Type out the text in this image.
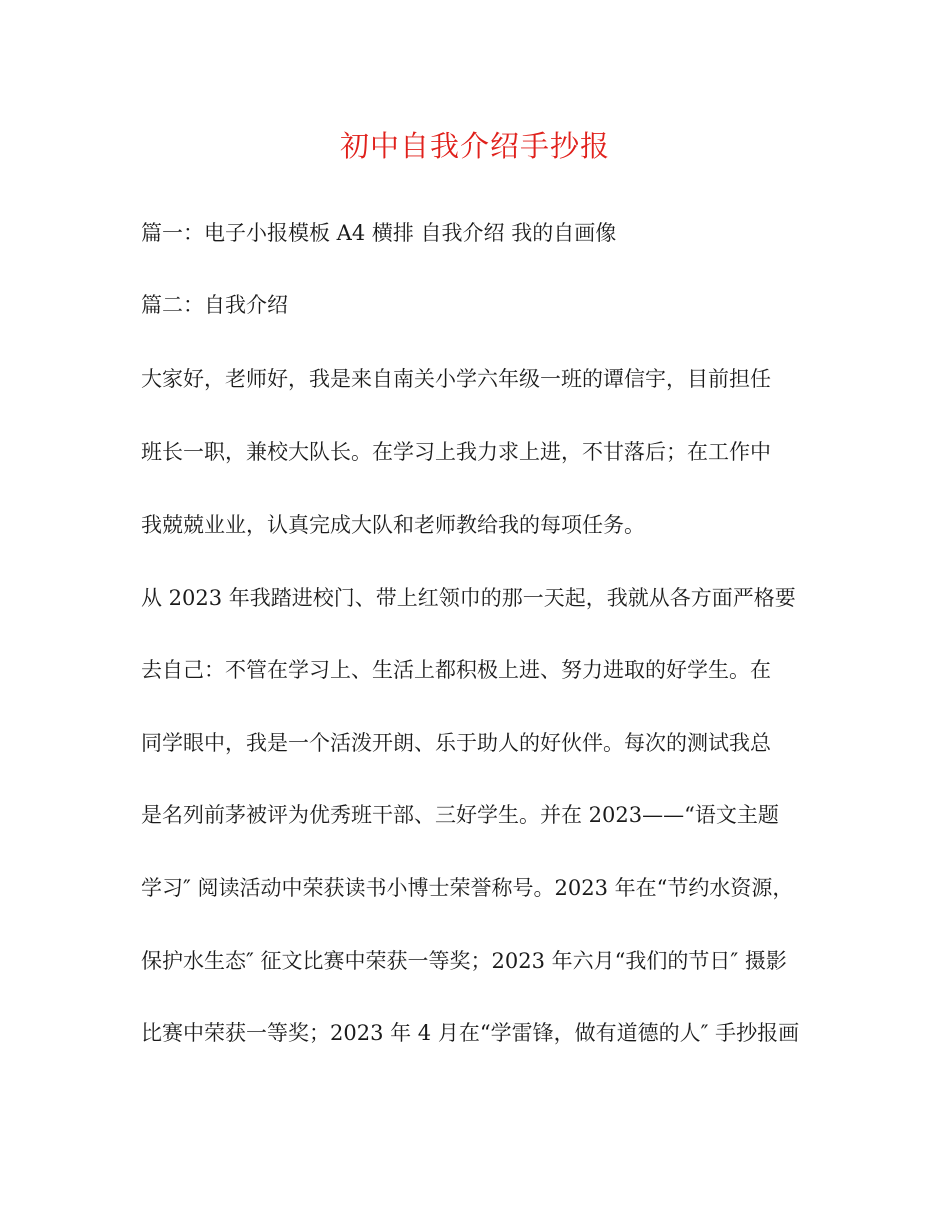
初中自我介绍手抄报
篇一：电子小报模板 A4 横排 自我介绍 我的自画像
篇二：自我介绍
大家好，老师好，我是来自南关小学六年级一班的谭信宇，目前担任
班长一职，兼校大队长。在学习上我力求上进，不甘落后；在工作中
我兢兢业业，认真完成大队和老师教给我的每项任务。
从 2023 年我踏进校门、带上红领巾的那一天起，我就从各方面严格要
去自己：不管在学习上、生活上都积极上进、努力进取的好学生。在
同学眼中，我是一个活泼开朗、乐于助人的好伙伴。每次的测试我总
是名列前茅被评为优秀班干部、三好学生。并在 2023——“语文主题
学习″ 阅读活动中荣获读书小博士荣誉称号。2023 年在“节约水资源，
保护水生态″ 征文比赛中荣获一等奖；2023 年六月“我们的节日″ 摄影
比赛中荣获一等奖；2023 年 4 月在“学雷锋，做有道德的人″ 手抄报画
